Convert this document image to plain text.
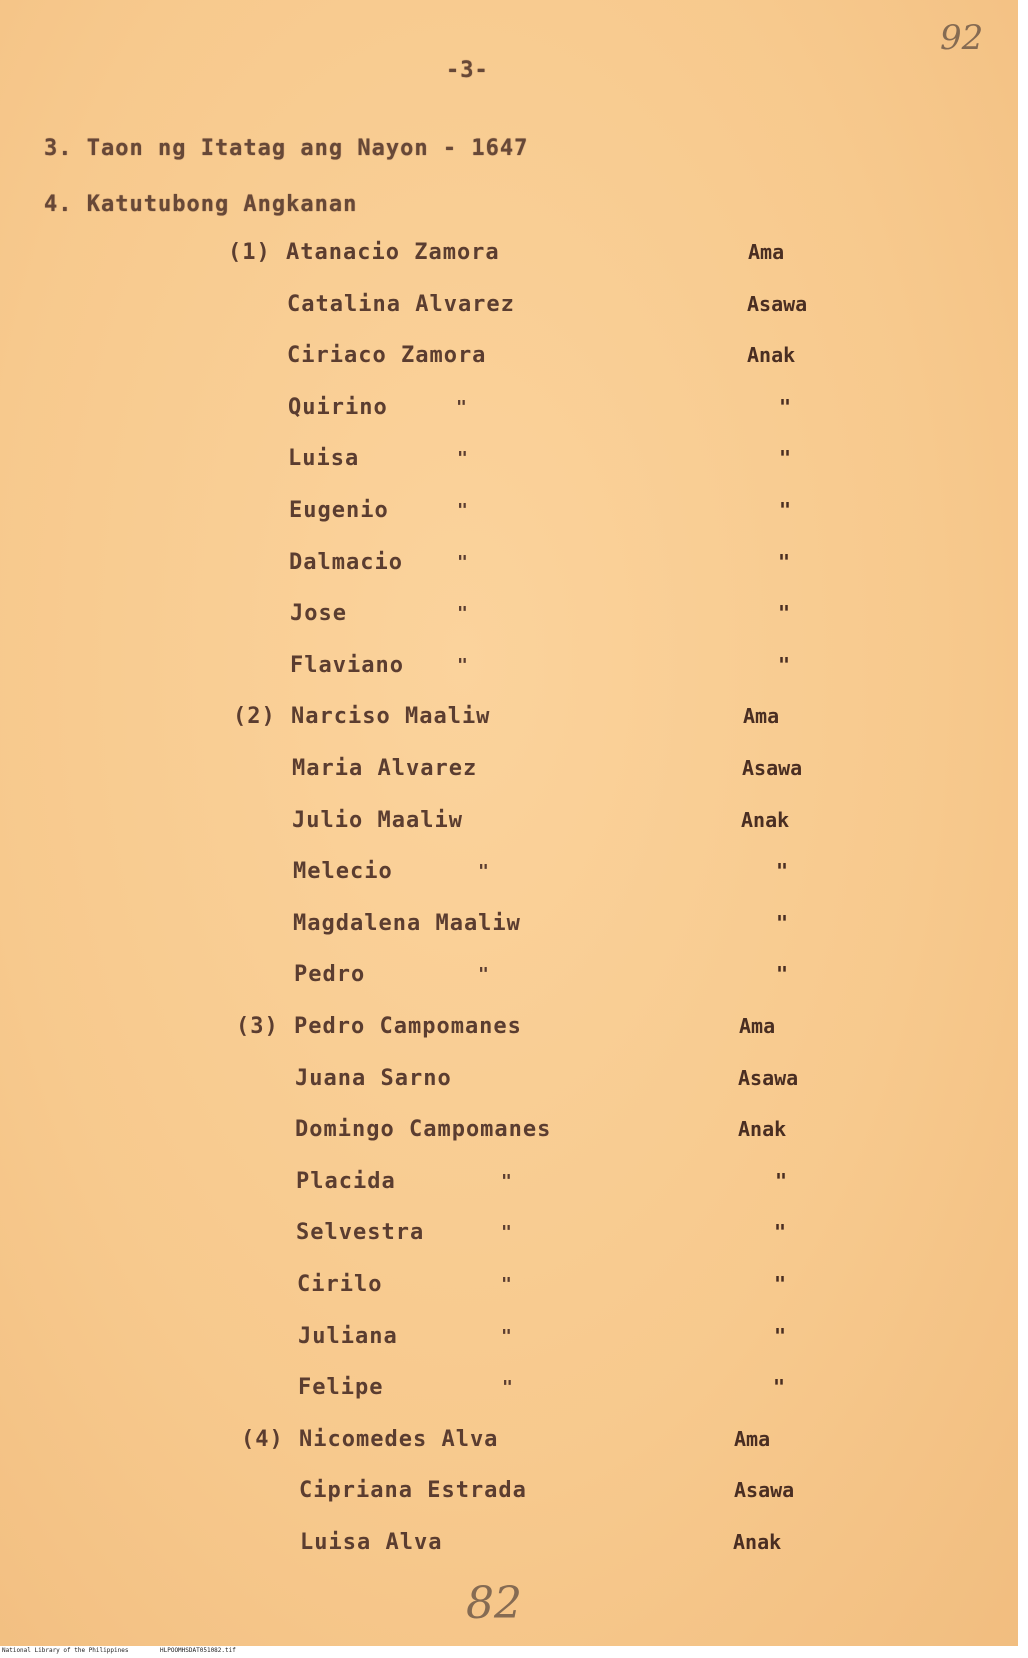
-3-
92
3. Taon ng Itatag ang Nayon - 1647
4. Katutubong Angkanan
(1) Atanacio Zamora	Ama
Catalina Alvarez	Asawa
Ciriaco Zamora	Anak
Quirino	"	"
Luisa	"	"
Eugenio	"	"
Dalmacio	"	"
Jose	"	"
Flaviano	"	"
(2) Narciso Maaliw	Ama
Maria Alvarez	Asawa
Julio Maaliw	Anak
Melecio	"	"
Magdalena Maaliw	"
Pedro	"	"
(3) Pedro Campomanes	Ama
Juana Sarno	Asawa
Domingo Campomanes	Anak
Placida	"	"
Selvestra	"	"
Cirilo	"	"
Juliana	"	"
Felipe	"	"
(4) Nicomedes Alva	Ama
Cipriana Estrada	Asawa
Luisa Alva	Anak
82
National Library of the Philippines	HLPOOMHSDAT051082.tif
